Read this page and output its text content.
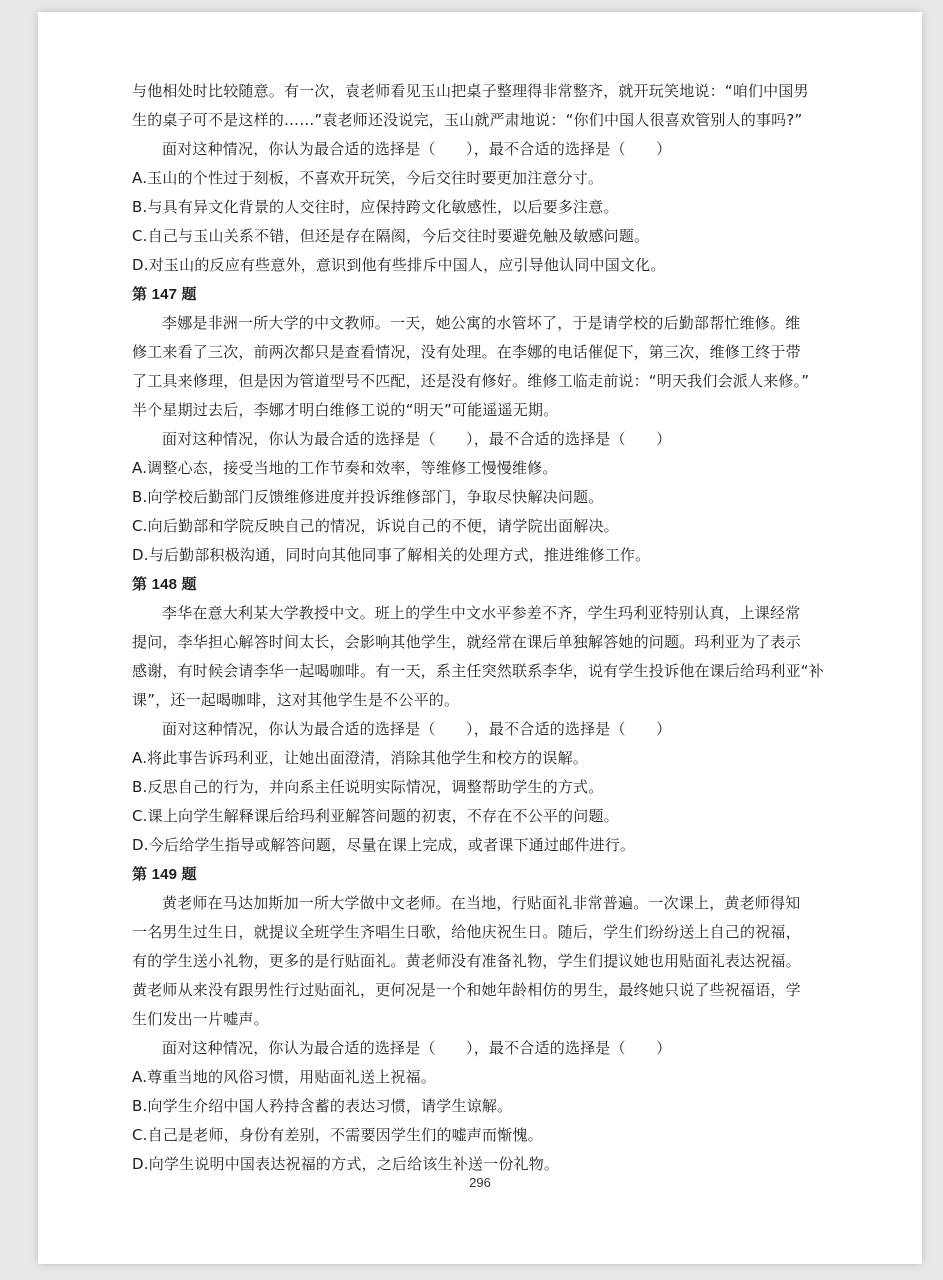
与他相处时比较随意。有一次，袁老师看见玉山把桌子整理得非常整齐，就开玩笑地说：“咱们中国男
生的桌子可不是这样的……”袁老师还没说完，玉山就严肃地说：“你们中国人很喜欢管别人的事吗?”
面对这种情况，你认为最合适的选择是（　　），最不合适的选择是（　　）
A.玉山的个性过于刻板，不喜欢开玩笑，今后交往时要更加注意分寸。
B.与具有异文化背景的人交往时，应保持跨文化敏感性，以后要多注意。
C.自己与玉山关系不错，但还是存在隔阂，今后交往时要避免触及敏感问题。
D.对玉山的反应有些意外，意识到他有些排斥中国人，应引导他认同中国文化。
第 147 题
李娜是非洲一所大学的中文教师。一天，她公寓的水管坏了，于是请学校的后勤部帮忙维修。维
修工来看了三次，前两次都只是查看情况，没有处理。在李娜的电话催促下，第三次，维修工终于带
了工具来修理，但是因为管道型号不匹配，还是没有修好。维修工临走前说：“明天我们会派人来修。”
半个星期过去后，李娜才明白维修工说的“明天”可能遥遥无期。
面对这种情况，你认为最合适的选择是（　　），最不合适的选择是（　　）
A.调整心态，接受当地的工作节奏和效率，等维修工慢慢维修。
B.向学校后勤部门反馈维修进度并投诉维修部门，争取尽快解决问题。
C.向后勤部和学院反映自己的情况，诉说自己的不便，请学院出面解决。
D.与后勤部积极沟通，同时向其他同事了解相关的处理方式，推进维修工作。
第 148 题
李华在意大利某大学教授中文。班上的学生中文水平参差不齐，学生玛利亚特别认真，上课经常
提问，李华担心解答时间太长，会影响其他学生，就经常在课后单独解答她的问题。玛利亚为了表示
感谢，有时候会请李华一起喝咖啡。有一天，系主任突然联系李华，说有学生投诉他在课后给玛利亚“补
课”，还一起喝咖啡，这对其他学生是不公平的。
面对这种情况，你认为最合适的选择是（　　），最不合适的选择是（　　）
A.将此事告诉玛利亚，让她出面澄清，消除其他学生和校方的误解。
B.反思自己的行为，并向系主任说明实际情况，调整帮助学生的方式。
C.课上向学生解释课后给玛利亚解答问题的初衷，不存在不公平的问题。
D.今后给学生指导或解答问题，尽量在课上完成，或者课下通过邮件进行。
第 149 题
黄老师在马达加斯加一所大学做中文老师。在当地，行贴面礼非常普遍。一次课上，黄老师得知
一名男生过生日，就提议全班学生齐唱生日歌，给他庆祝生日。随后，学生们纷纷送上自己的祝福，
有的学生送小礼物，更多的是行贴面礼。黄老师没有准备礼物，学生们提议她也用贴面礼表达祝福。
黄老师从来没有跟男性行过贴面礼，更何况是一个和她年龄相仿的男生，最终她只说了些祝福语，学
生们发出一片嘘声。
面对这种情况，你认为最合适的选择是（　　），最不合适的选择是（　　）
A.尊重当地的风俗习惯，用贴面礼送上祝福。
B.向学生介绍中国人矜持含蓄的表达习惯，请学生谅解。
C.自己是老师，身份有差别，不需要因学生们的嘘声而惭愧。
D.向学生说明中国表达祝福的方式，之后给该生补送一份礼物。
296
